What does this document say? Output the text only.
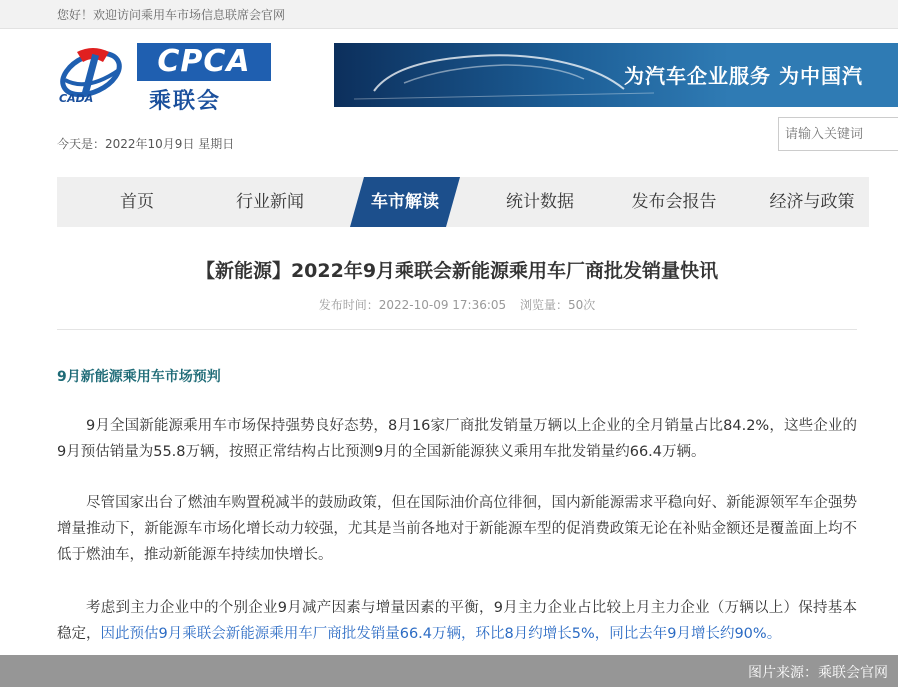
您好！欢迎访问乘用车市场信息联席会官网
CPCA
乘联会
CADA
为汽车企业服务 为中国汽
今天是：2022年10月9日 星期日
请输入关键词
首页	行业新闻	车市解读	统计数据	发布会报告	经济与政策
【新能源】2022年9月乘联会新能源乘用车厂商批发销量快讯
发布时间：2022-10-09 17:36:05 浏览量：50次
9月新能源乘用车市场预判
9月全国新能源乘用车市场保持强势良好态势，8月16家厂商批发销量万辆以上企业的全月销量占比84.2%，这些企业的9月预估销量为55.8万辆，按照正常结构占比预测9月的全国新能源狭义乘用车批发销量约66.4万辆。
尽管国家出台了燃油车购置税减半的鼓励政策，但在国际油价高位徘徊，国内新能源需求平稳向好、新能源领军车企强势增量推动下，新能源车市场化增长动力较强，尤其是当前各地对于新能源车型的促消费政策无论在补贴金额还是覆盖面上均不低于燃油车，推动新能源车持续加快增长。
考虑到主力企业中的个别企业9月减产因素与增量因素的平衡，9月主力企业占比较上月主力企业（万辆以上）保持基本稳定，因此预估9月乘联会新能源乘用车厂商批发销量66.4万辆，环比8月约增长5%，同比去年9月增长约90%。
图片来源：乘联会官网
